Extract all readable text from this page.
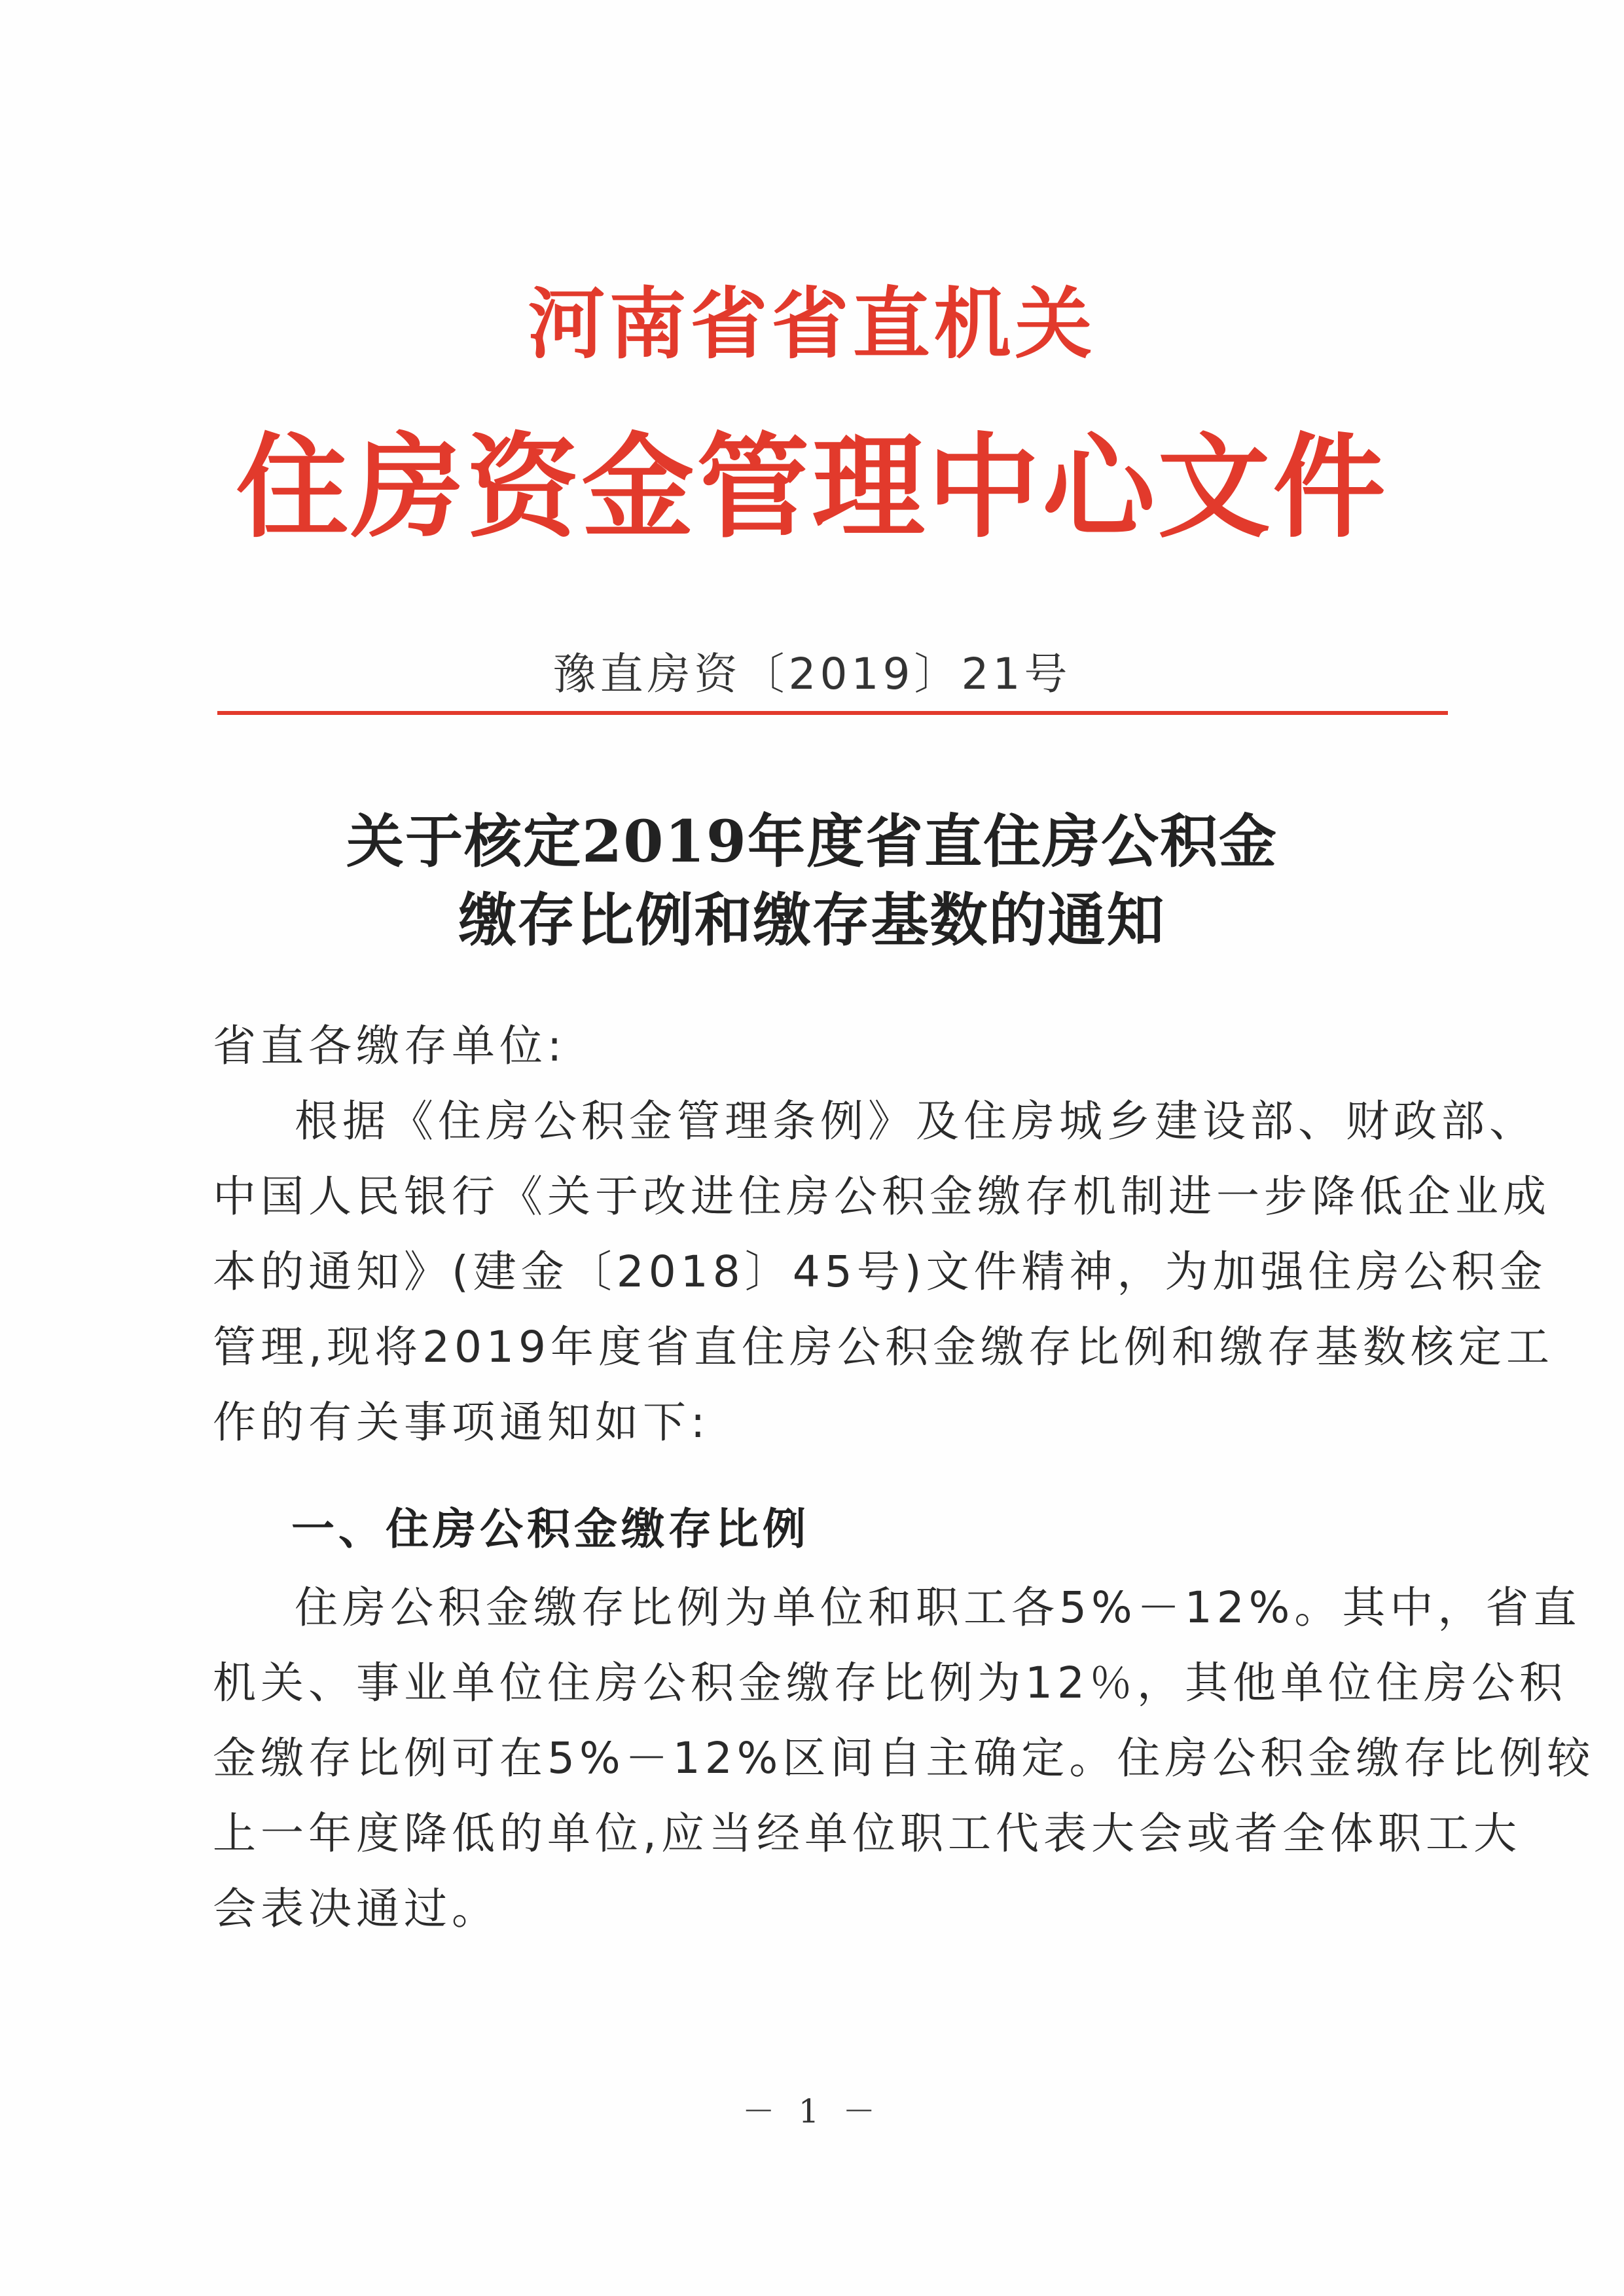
河南省省直机关
住房资金管理中心文件
豫直房资〔2019〕21号
关于核定2019年度省直住房公积金
缴存比例和缴存基数的通知
省直各缴存单位:
根据《住房公积金管理条例》及住房城乡建设部、财政部、
中国人民银行《关于改进住房公积金缴存机制进一步降低企业成
本的通知》(建金〔2018〕45号)文件精神，为加强住房公积金
管理,现将2019年度省直住房公积金缴存比例和缴存基数核定工
作的有关事项通知如下:
一、住房公积金缴存比例
住房公积金缴存比例为单位和职工各5%－12%。其中，省直
机关、事业单位住房公积金缴存比例为12％，其他单位住房公积
金缴存比例可在5%－12%区间自主确定。住房公积金缴存比例较
上一年度降低的单位,应当经单位职工代表大会或者全体职工大
会表决通过。
－ 1 －
